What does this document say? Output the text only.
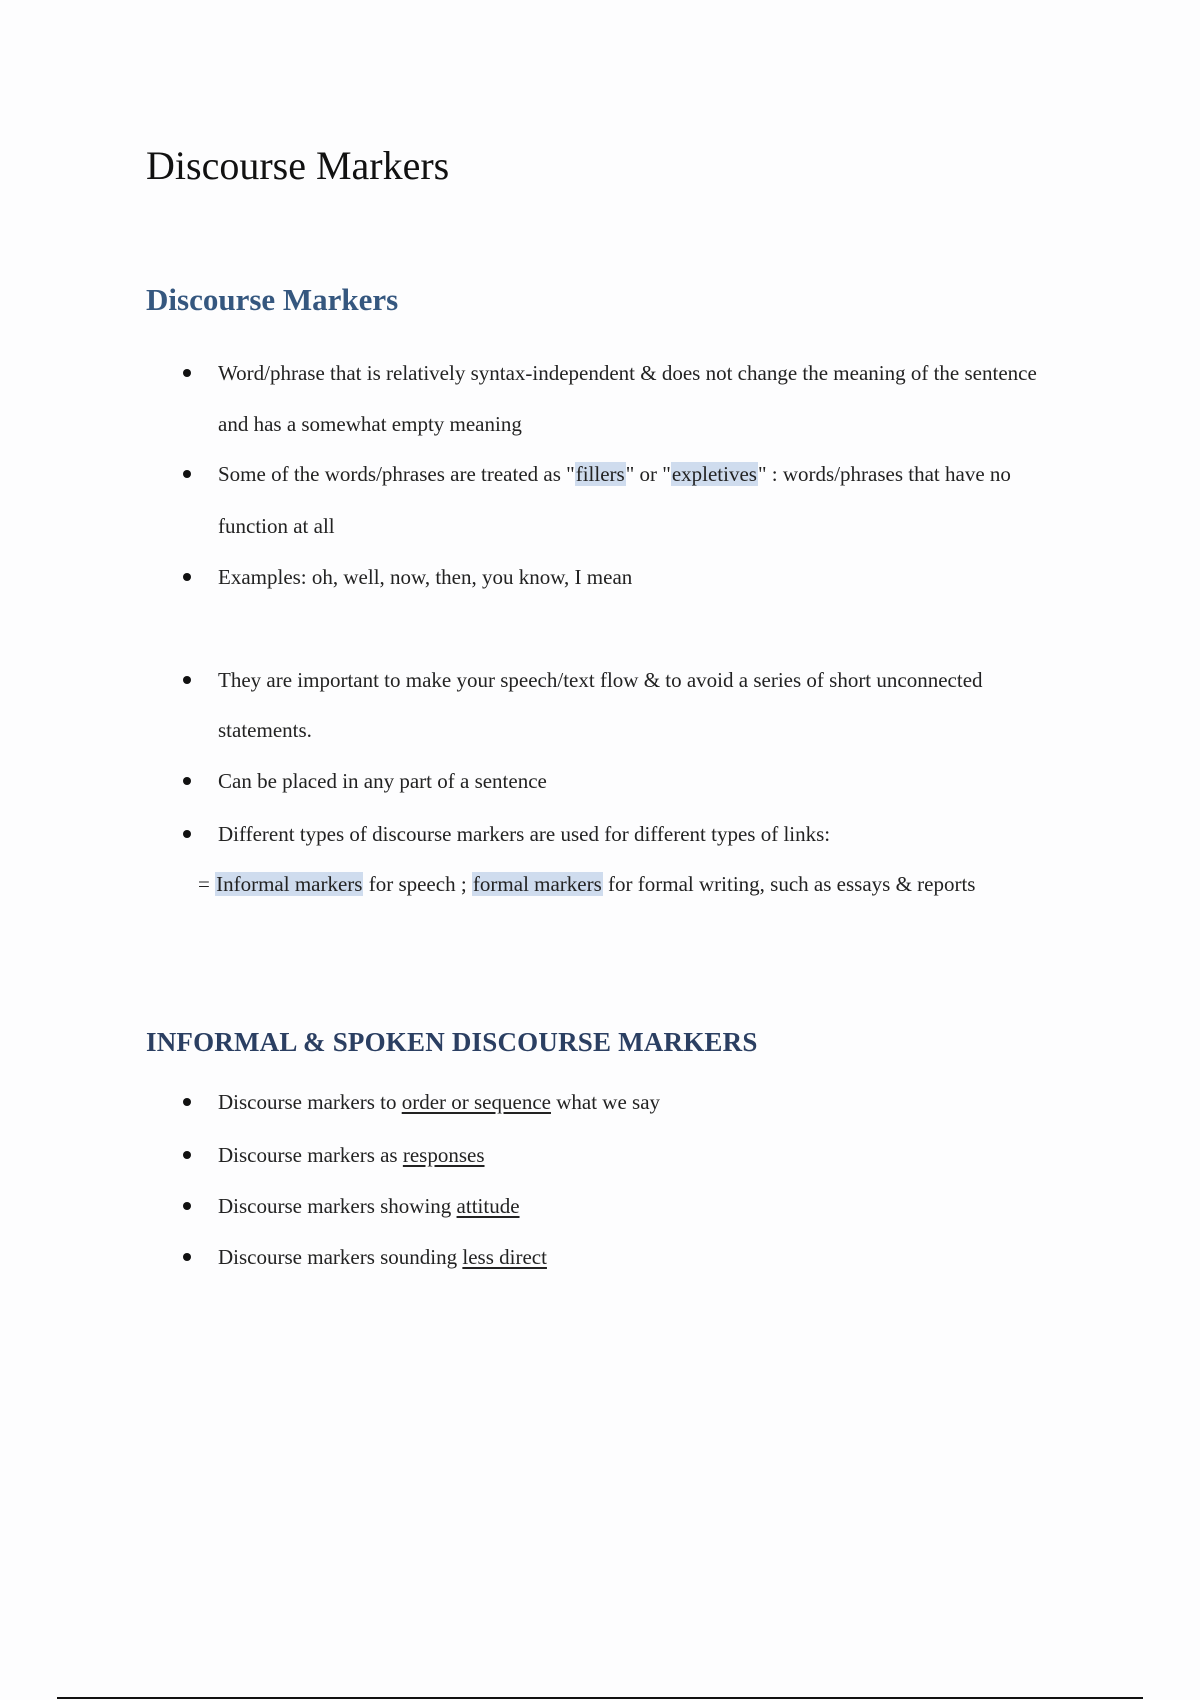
Discourse Markers
Discourse Markers
Word/phrase that is relatively syntax-independent & does not change the meaning of the sentence
and has a somewhat empty meaning
Some of the words/phrases are treated as "fillers" or "expletives" : words/phrases that have no
function at all
Examples: oh, well, now, then, you know, I mean
They are important to make your speech/text flow & to avoid a series of short unconnected
statements.
Can be placed in any part of a sentence
Different types of discourse markers are used for different types of links:
= Informal markers for speech ; formal markers for formal writing, such as essays & reports
INFORMAL & SPOKEN DISCOURSE MARKERS
Discourse markers to order or sequence what we say
Discourse markers as responses
Discourse markers showing attitude
Discourse markers sounding less direct
